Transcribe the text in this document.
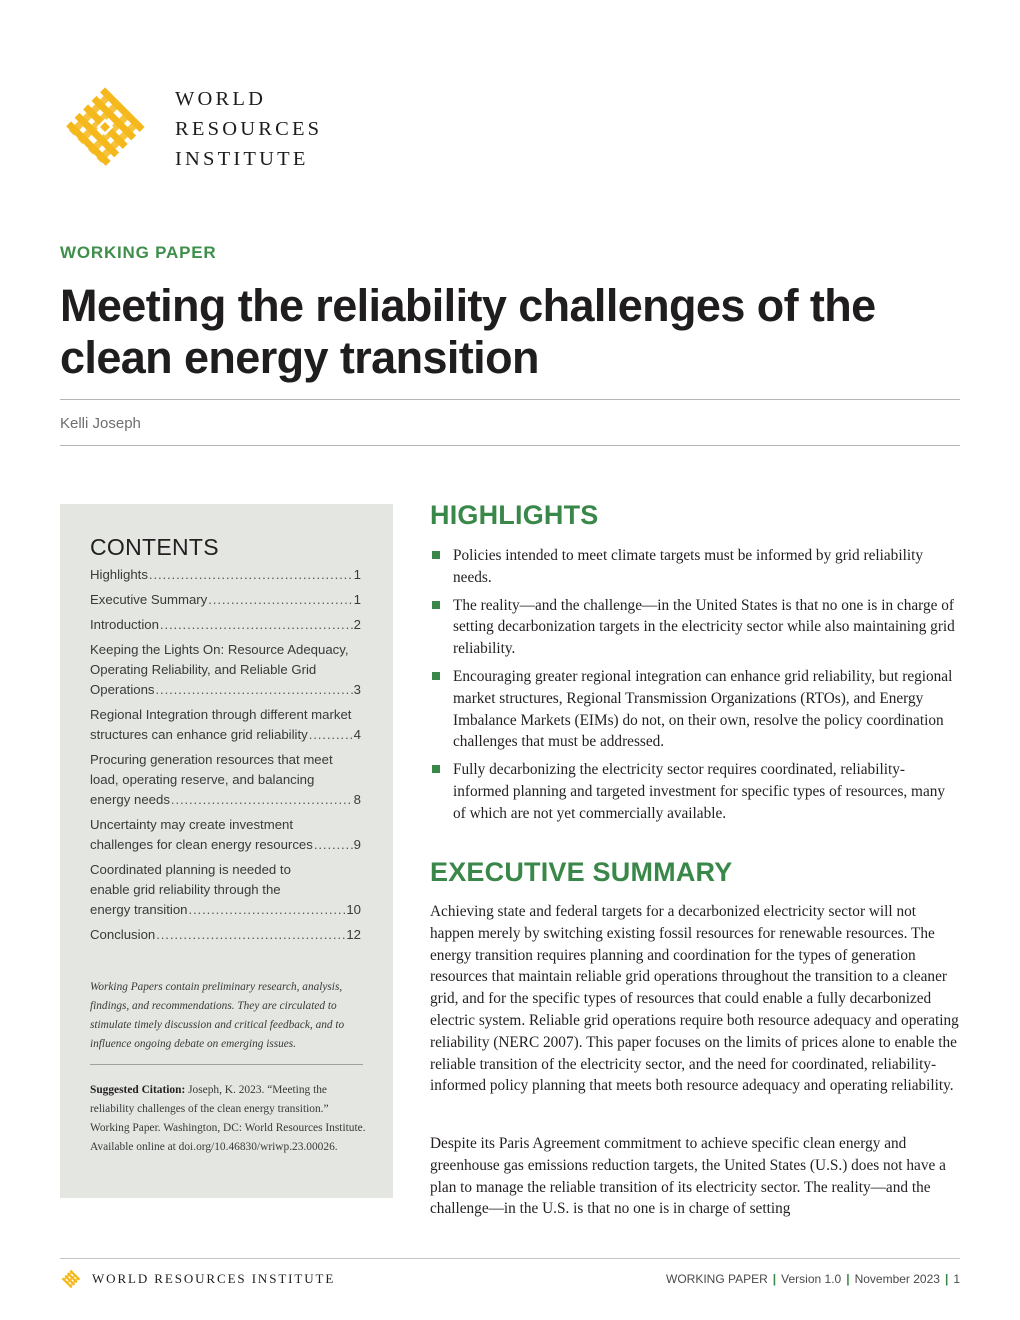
WORLD
RESOURCES
INSTITUTE
WORKING PAPER
Meeting the reliability challenges of the clean energy transition
Kelli Joseph
CONTENTS
Highlights . . .	1
Executive Summary . . .	1
Introduction . . .	2
Keeping the Lights On: Resource Adequacy,
Operating Reliability, and Reliable Grid
Operations . . .	3
Regional Integration through different market
structures can enhance grid reliability . . .	4
Procuring generation resources that meet
load, operating reserve, and balancing
energy needs . . .	8
Uncertainty may create investment
challenges for clean energy resources . . .	9
Coordinated planning is needed to
enable grid reliability through the
energy transition . . .	10
Conclusion . . .	12
Working Papers contain preliminary research, analysis, findings, and recommendations. They are circulated to stimulate timely discussion and critical feedback, and to influence ongoing debate on emerging issues.
Suggested Citation: Joseph, K. 2023. “Meeting the reliability challenges of the clean energy transition.” Working Paper. Washington, DC: World Resources Institute. Available online at doi.org/10.46830/wriwp.23.00026.
HIGHLIGHTS
Policies intended to meet climate targets must be informed by grid reliability needs.
The reality—and the challenge—in the United States is that no one is in charge of setting decarbonization targets in the electricity sector while also maintaining grid reliability.
Encouraging greater regional integration can enhance grid reliability, but regional market structures, Regional Transmission Organizations (RTOs), and Energy Imbalance Markets (EIMs) do not, on their own, resolve the policy coordination challenges that must be addressed.
Fully decarbonizing the electricity sector requires coordinated, reliability-informed planning and targeted investment for specific types of resources, many of which are not yet commercially available.
EXECUTIVE SUMMARY

Achieving state and federal targets for a decarbonized electricity sector will not happen merely by switching existing fossil resources for renewable resources. The energy transition requires planning and coordination for the types of generation resources that maintain reliable grid operations throughout the transition to a cleaner grid, and for the specific types of resources that could enable a fully decarbonized electric system. Reliable grid operations require both resource adequacy and operating reliability (NERC 2007). This paper focuses on the limits of prices alone to enable the reliable transition of the electricity sector, and the need for coordinated, reliability-informed policy planning that meets both resource adequacy and operating reliability.

Despite its Paris Agreement commitment to achieve specific clean energy and greenhouse gas emissions reduction targets, the United States (U.S.) does not have a plan to manage the reliable transition of its electricity sector. The reality—and the challenge—in the U.S. is that no one is in charge of setting

WORLD RESOURCES INSTITUTE	WORKING PAPER | Version 1.0 | November 2023 | 1
